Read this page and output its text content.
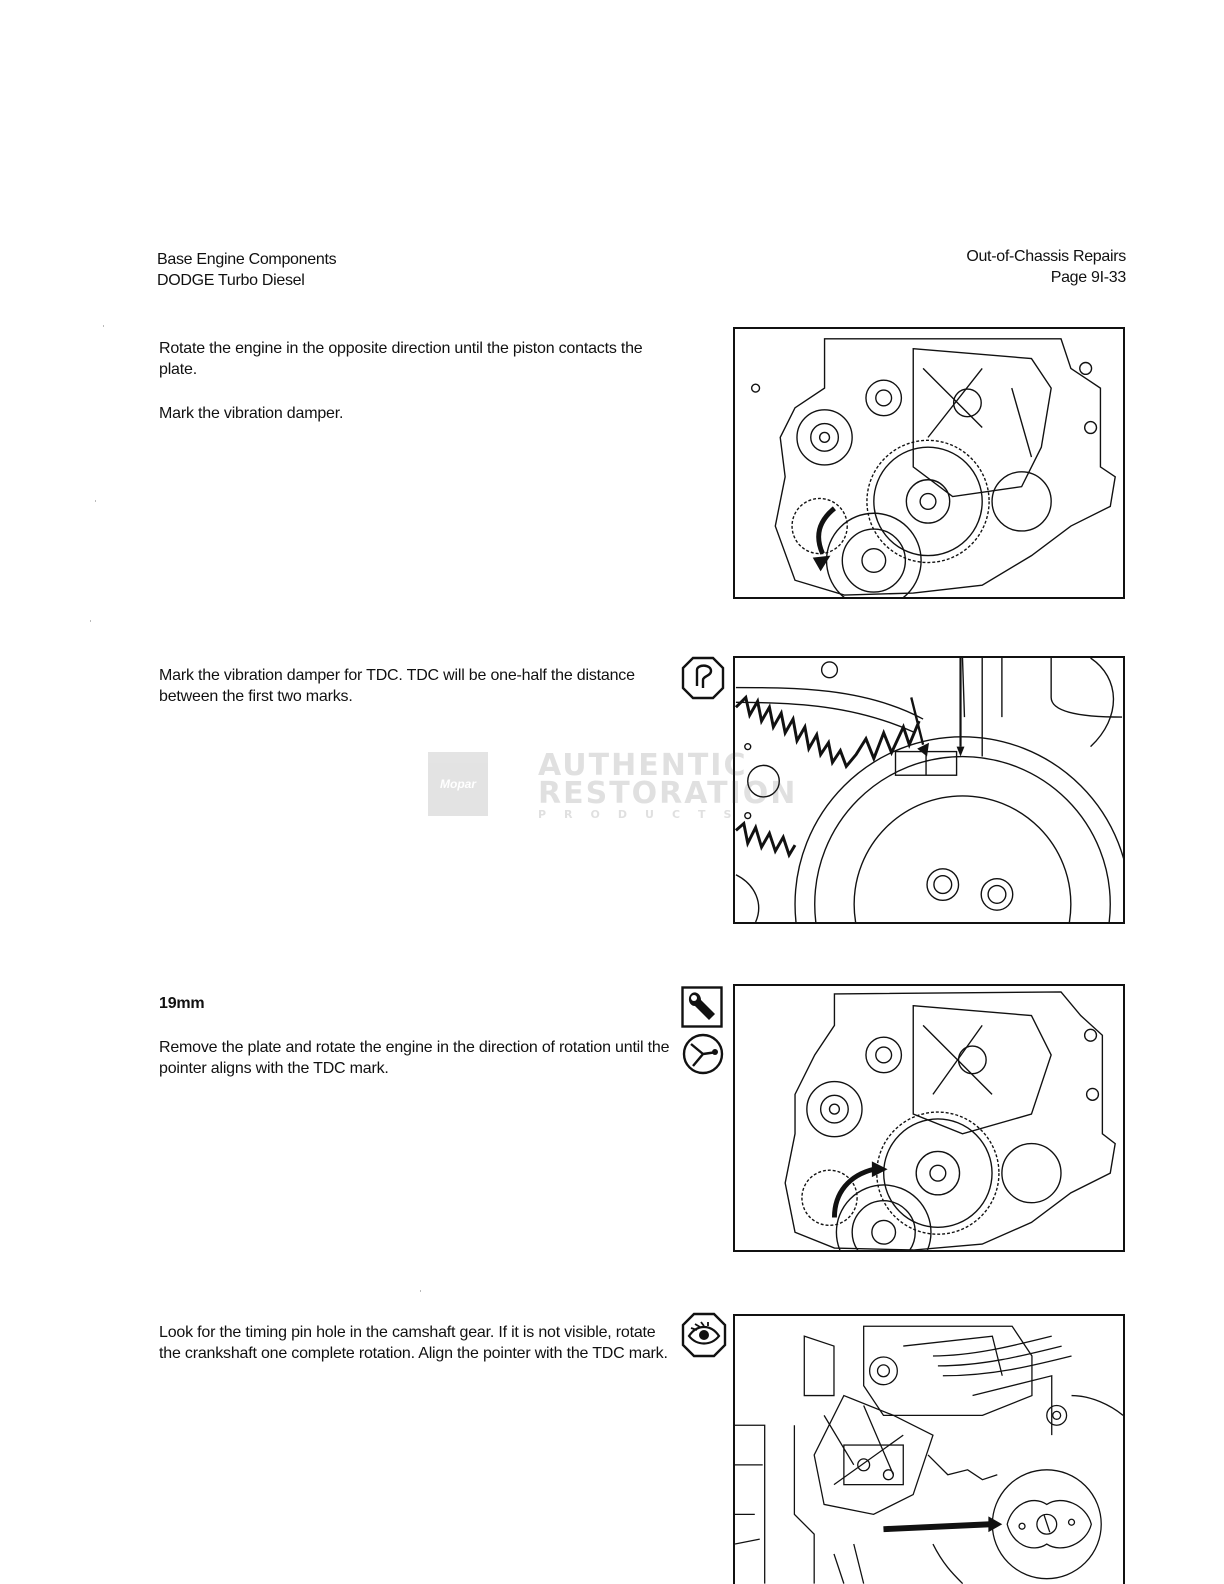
Base Engine Components
DODGE Turbo Diesel
Out-of-Chassis Repairs
Page 9I-33

Rotate the engine in the opposite direction until the piston contacts the plate.

Mark the vibration damper.

Mark the vibration damper for TDC. TDC will be one-half the distance between the first two marks.

19mm

Remove the plate and rotate the engine in the direction of rotation until the pointer aligns with the TDC mark.

Look for the timing pin hole in the camshaft gear. If it is not visible, rotate the crankshaft one complete rotation. Align the pointer with the TDC mark.

Mopar
AUTHENTIC
RESTORATION
PRODUCTS
